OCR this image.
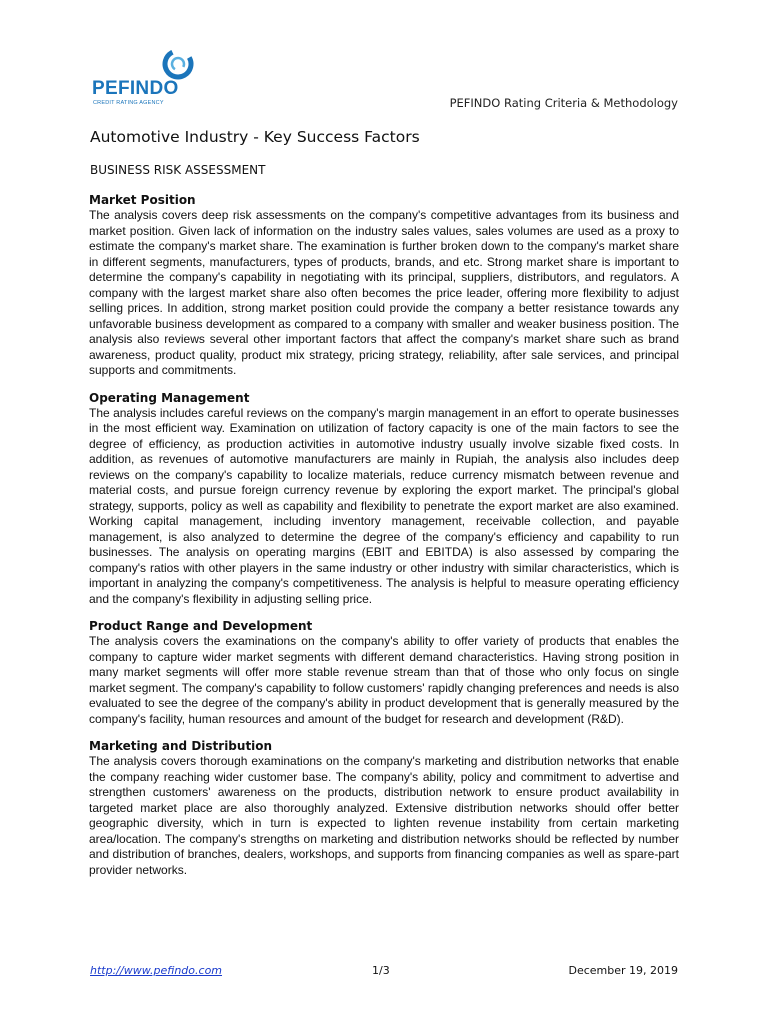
PEFINDO
CREDIT RATING AGENCY	PEFINDO Rating Criteria & Methodology
Automotive Industry - Key Success Factors
BUSINESS RISK ASSESSMENT

Market Position

The analysis covers deep risk assessments on the company's competitive advantages from its business and market position. Given lack of information on the industry sales values, sales volumes are used as a proxy to estimate the company's market share. The examination is further broken down to the company's market share in different segments, manufacturers, types of products, brands, and etc. Strong market share is important to determine the company's capability in negotiating with its principal, suppliers, distributors, and regulators. A company with the largest market share also often becomes the price leader, offering more flexibility to adjust selling prices. In addition, strong market position could provide the company a better resistance towards any unfavorable business development as compared to a company with smaller and weaker business position. The analysis also reviews several other important factors that affect the company's market share such as brand awareness, product quality, product mix strategy, pricing strategy, reliability, after sale services, and principal supports and commitments.

Operating Management

The analysis includes careful reviews on the company's margin management in an effort to operate businesses in the most efficient way. Examination on utilization of factory capacity is one of the main factors to see the degree of efficiency, as production activities in automotive industry usually involve sizable fixed costs. In addition, as revenues of automotive manufacturers are mainly in Rupiah, the analysis also includes deep reviews on the company's capability to localize materials, reduce currency mismatch between revenue and material costs, and pursue foreign currency revenue by exploring the export market. The principal's global strategy, supports, policy as well as capability and flexibility to penetrate the export market are also examined. Working capital management, including inventory management, receivable collection, and payable management, is also analyzed to determine the degree of the company's efficiency and capability to run businesses. The analysis on operating margins (EBIT and EBITDA) is also assessed by comparing the company's ratios with other players in the same industry or other industry with similar characteristics, which is important in analyzing the company's competitiveness. The analysis is helpful to measure operating efficiency and the company's flexibility in adjusting selling price.

Product Range and Development

The analysis covers the examinations on the company's ability to offer variety of products that enables the company to capture wider market segments with different demand characteristics. Having strong position in many market segments will offer more stable revenue stream than that of those who only focus on single market segment. The company's capability to follow customers' rapidly changing preferences and needs is also evaluated to see the degree of the company's ability in product development that is generally measured by the company's facility, human resources and amount of the budget for research and development (R&D).

Marketing and Distribution

The analysis covers thorough examinations on the company's marketing and distribution networks that enable the company reaching wider customer base. The company's ability, policy and commitment to advertise and strengthen customers' awareness on the products, distribution network to ensure product availability in targeted market place are also thoroughly analyzed. Extensive distribution networks should offer better geographic diversity, which in turn is expected to lighten revenue instability from certain marketing area/location. The company's strengths on marketing and distribution networks should be reflected by number and distribution of branches, dealers, workshops, and supports from financing companies as well as spare-part provider networks.

http://www.pefindo.com	1/3	December 19, 2019
